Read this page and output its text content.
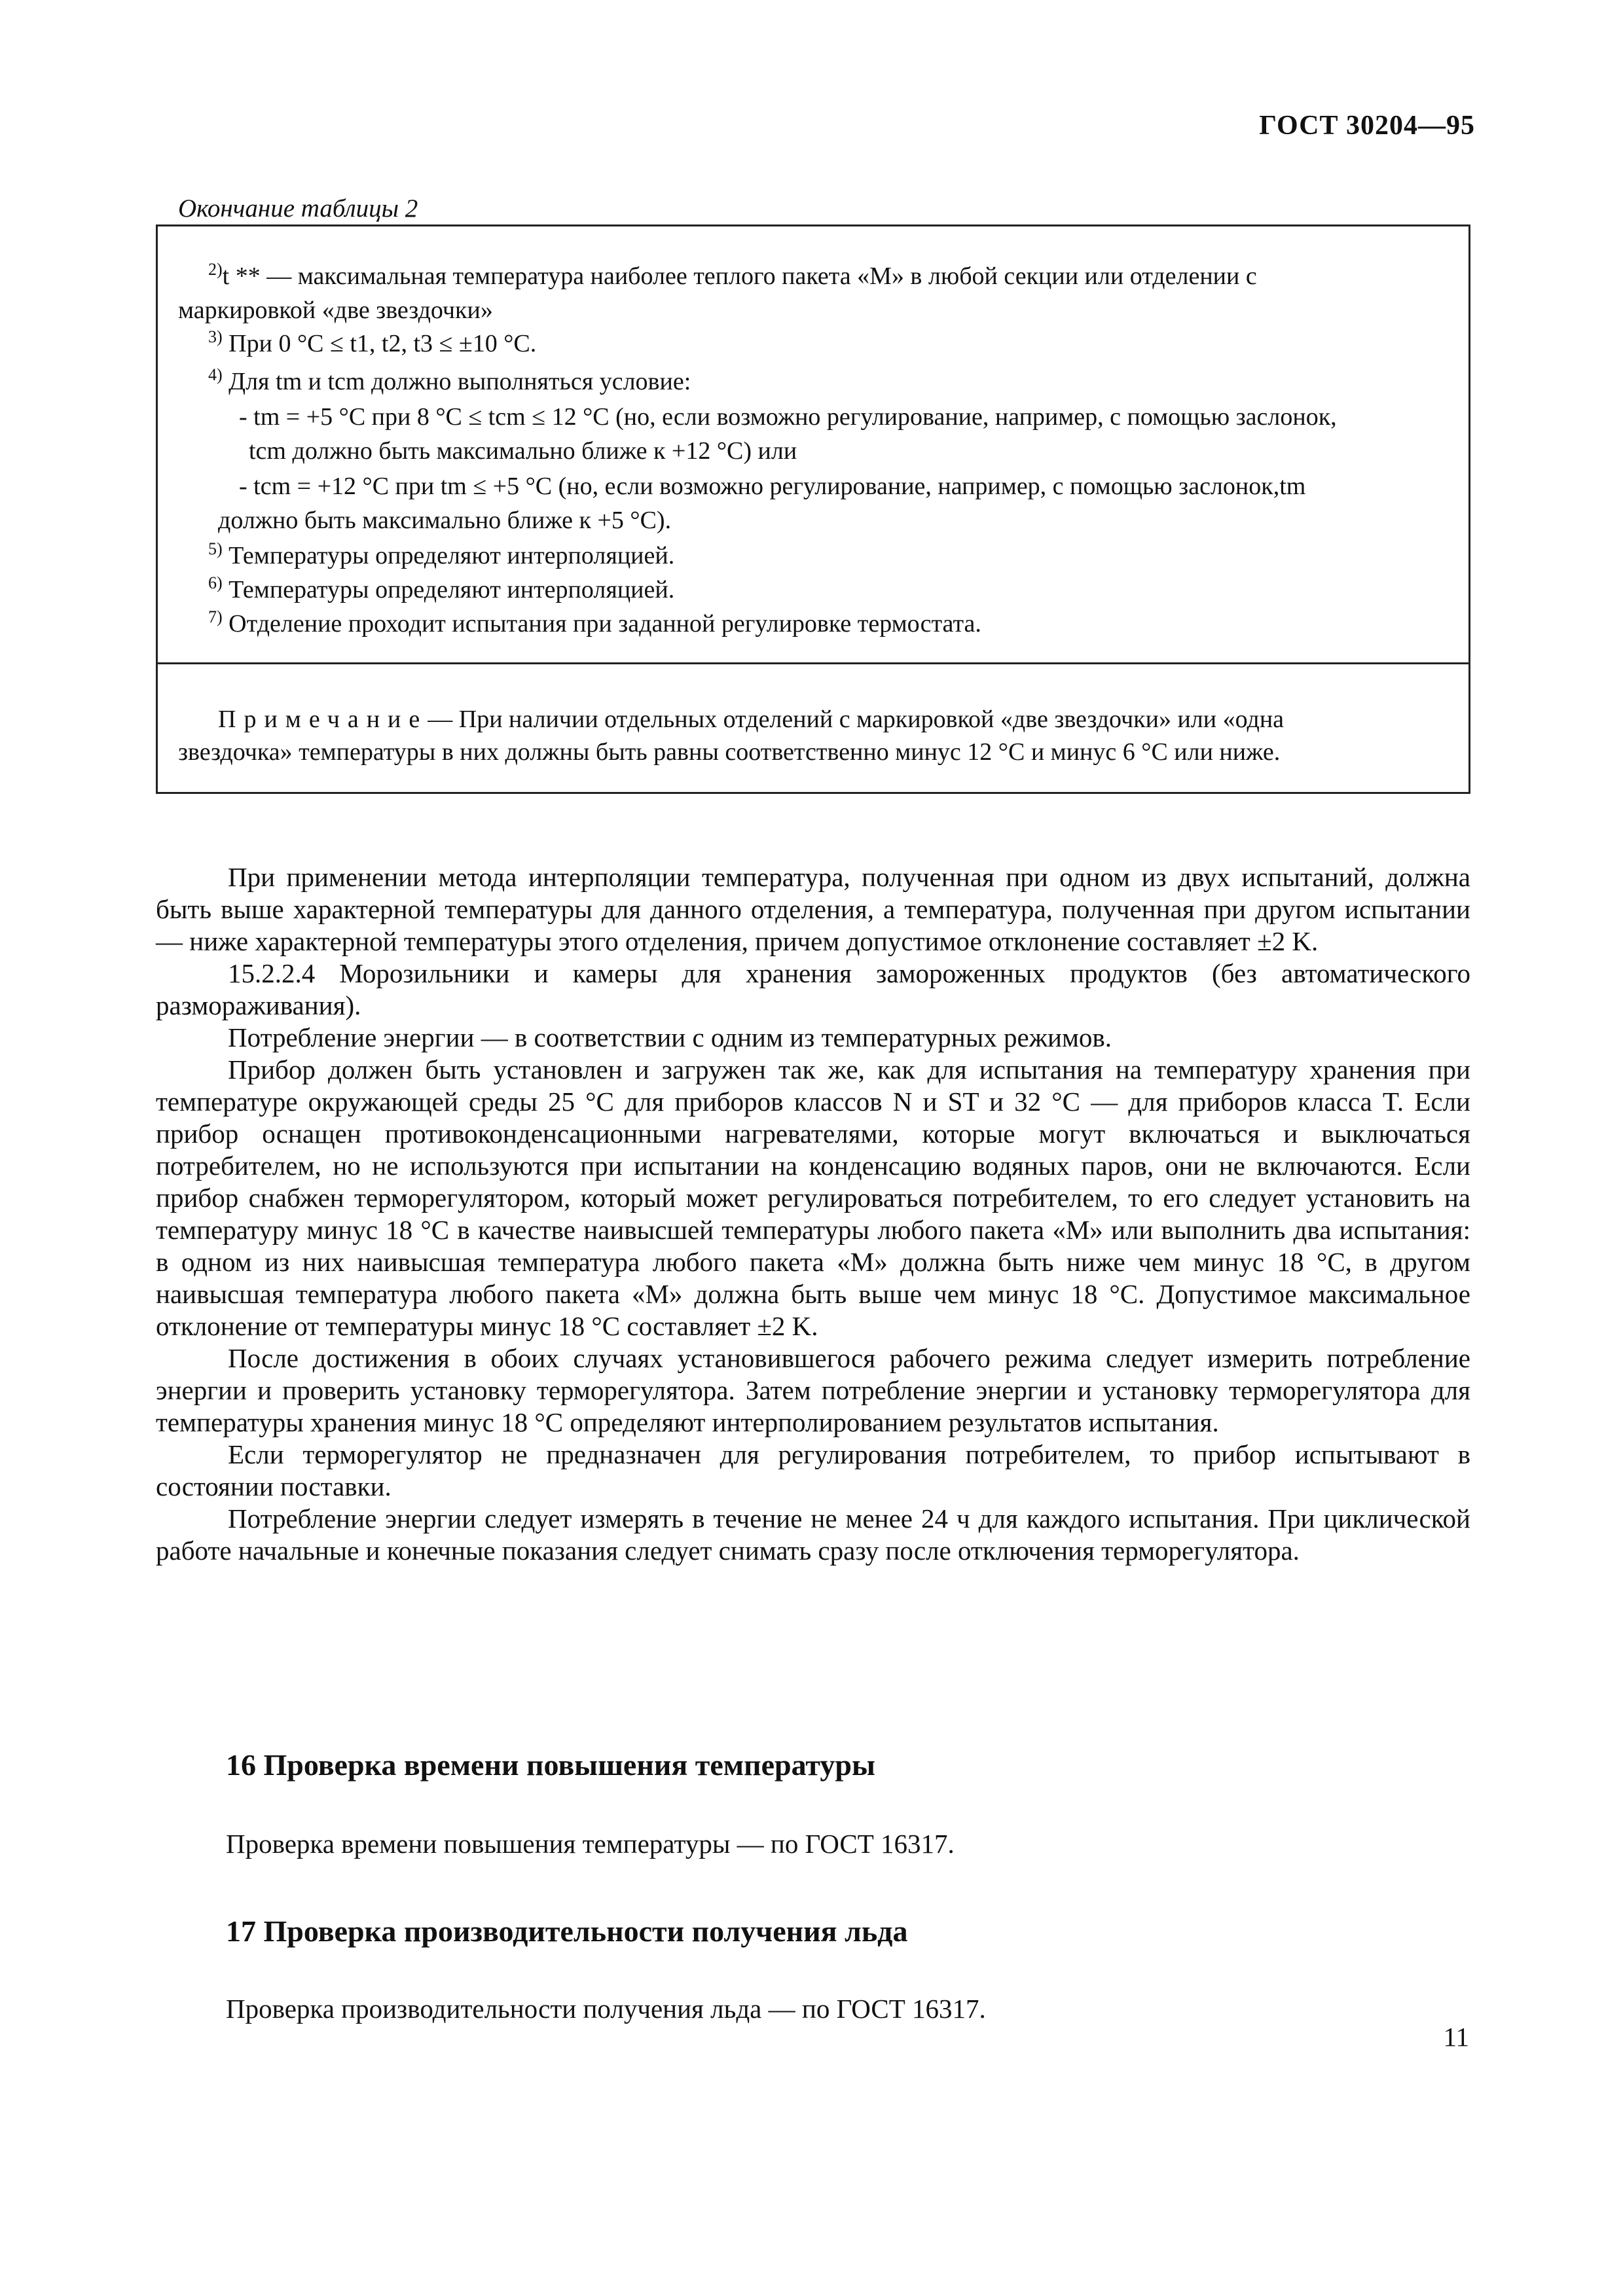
ГОСТ 30204—95
Окончание таблицы 2
$^{2)}$t ** — максимальная температура наиболее теплого пакета «М» в любой секции или отделении с
маркировкой «две звездочки»
$^{3)}$ При 0 °C ≤ t1, t2, t3 ≤ ±10 °C.
$^{4)}$ Для tm и tcm должно выполняться условие:
- tm = +5 °C при 8 °C ≤ tcm ≤ 12 °C (но, если возможно регулирование, например, с помощью заслонок,
tcm должно быть максимально ближе к +12 °C) или
- tcm = +12 °C при tm ≤ +5 °C (но, если возможно регулирование, например, с помощью заслонок,tm
должно быть максимально ближе к +5 °C).
$^{5)}$ Температуры определяют интерполяцией.
$^{6)}$ Температуры определяют интерполяцией.
$^{7)}$ Отделение проходит испытания при заданной регулировке термостата.
Примечание— При наличии отдельных отделений с маркировкой «две звездочки» или «одна
звездочка» температуры в них должны быть равны соответственно минус 12 °C и минус 6 °C или ниже.

При применении метода интерполяции температура, полученная при одном из двух испытаний, должна быть выше характерной температуры для данного отделения, а температура, полученная при другом испытании — ниже характерной температуры этого отделения, причем допустимое отклонение составляет ±2 K.

15.2.2.4 Морозильники и камеры для хранения замороженных продуктов (без автоматического размораживания).

Потребление энергии — в соответствии с одним из температурных режимов.

Прибор должен быть установлен и загружен так же, как для испытания на температуру хранения при температуре окружающей среды 25 °C для приборов классов N и ST и 32 °C — для приборов класса T. Если прибор оснащен противоконденсационными нагревателями, которые могут включаться и выключаться потребителем, но не используются при испытании на конденсацию водяных паров, они не включаются. Если прибор снабжен терморегулятором, который может регулироваться потребителем, то его следует установить на температуру минус 18 °C в качестве наивысшей температуры любого пакета «М» или выполнить два испытания: в одном из них наивысшая температура любого пакета «М» должна быть ниже чем минус 18 °C, в другом наивысшая температура любого пакета «М» должна быть выше чем минус 18 °C. Допустимое максимальное отклонение от температуры минус 18 °C составляет ±2 K.

После достижения в обоих случаях установившегося рабочего режима следует измерить потребление энергии и проверить установку терморегулятора. Затем потребление энергии и установку терморегулятора для температуры хранения минус 18 °C определяют интерполированием результатов испытания.

Если терморегулятор не предназначен для регулирования потребителем, то прибор испытывают в состоянии поставки.

Потребление энергии следует измерять в течение не менее 24 ч для каждого испытания. При циклической работе начальные и конечные показания следует снимать сразу после отключения терморегулятора.

16 Проверка времени повышения температуры
Проверка времени повышения температуры — по ГОСТ 16317.
17 Проверка производительности получения льда
Проверка производительности получения льда — по ГОСТ 16317.
11
